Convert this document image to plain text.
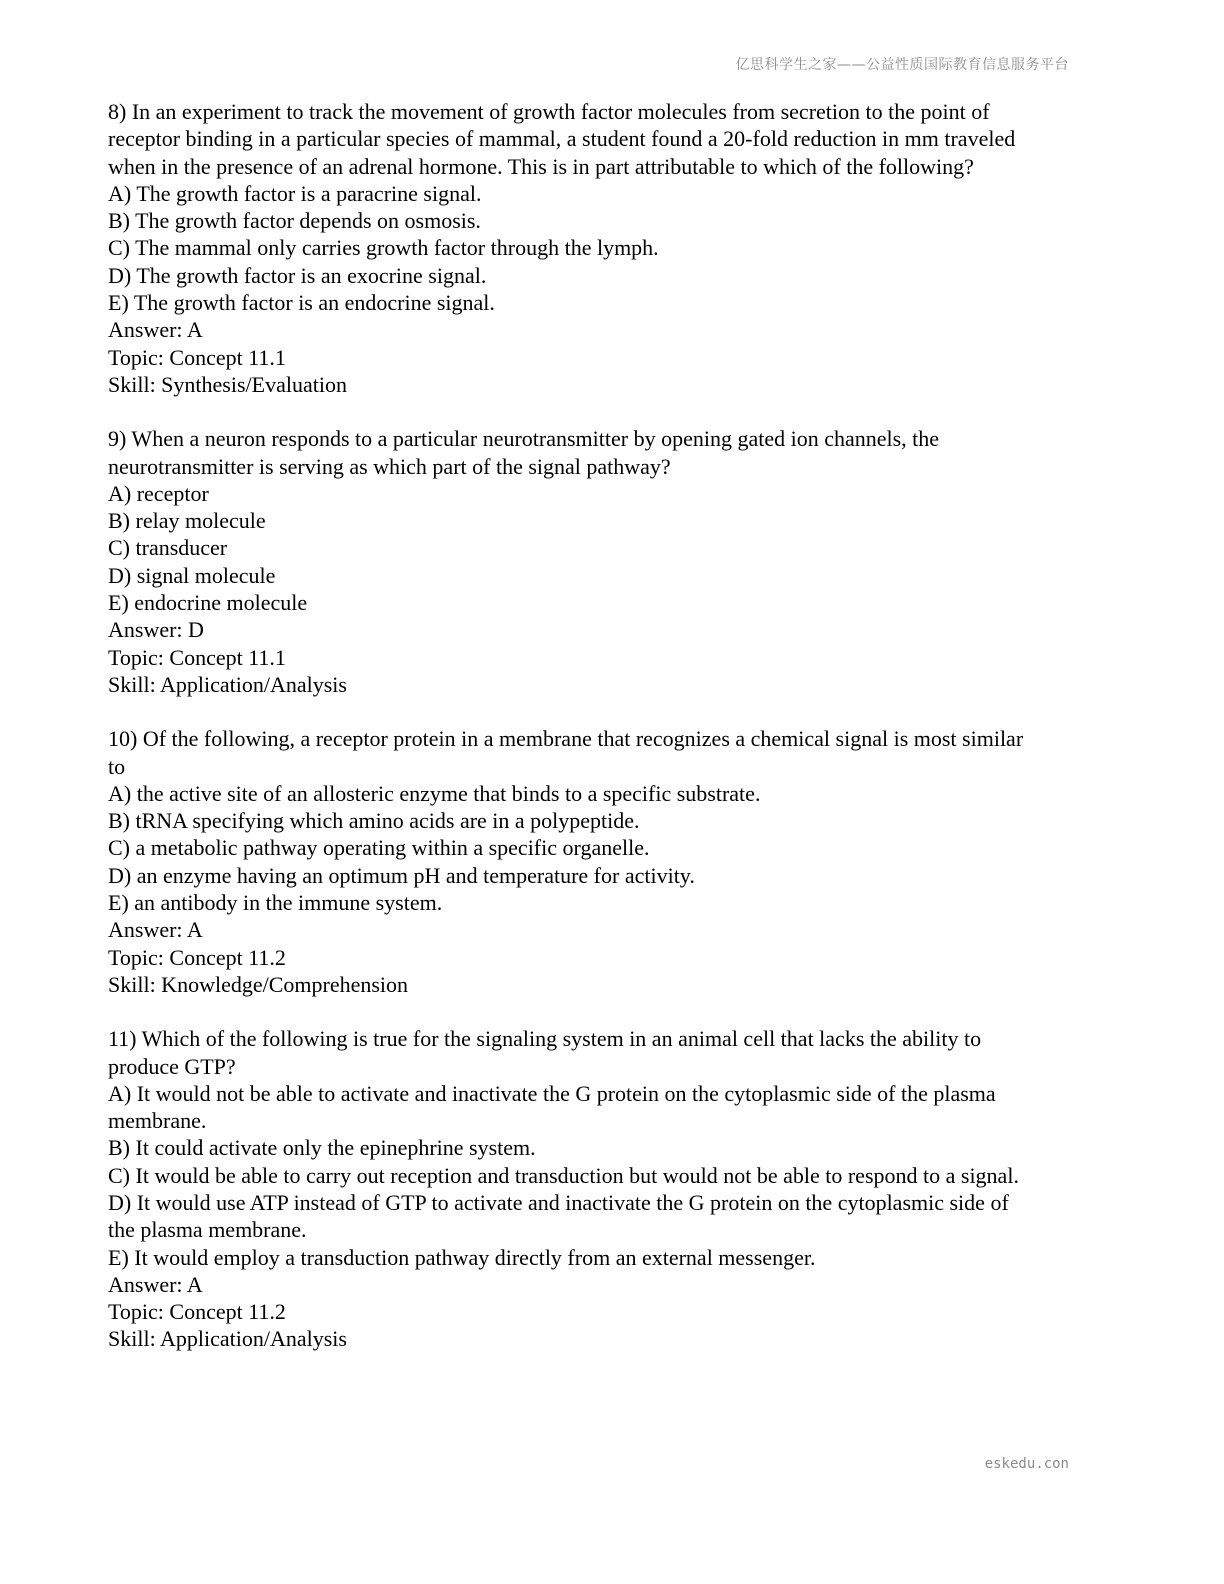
亿思科学生之家——公益性质国际教育信息服务平台
8) In an experiment to track the movement of growth factor molecules from secretion to the point of
receptor binding in a particular species of mammal, a student found a 20-fold reduction in mm traveled
when in the presence of an adrenal hormone. This is in part attributable to which of the following?
A) The growth factor is a paracrine signal.
B) The growth factor depends on osmosis.
C) The mammal only carries growth factor through the lymph.
D) The growth factor is an exocrine signal.
E) The growth factor is an endocrine signal.
Answer: A
Topic: Concept 11.1
Skill: Synthesis/Evaluation
9) When a neuron responds to a particular neurotransmitter by opening gated ion channels, the
neurotransmitter is serving as which part of the signal pathway?
A) receptor
B) relay molecule
C) transducer
D) signal molecule
E) endocrine molecule
Answer: D
Topic: Concept 11.1
Skill: Application/Analysis
10) Of the following, a receptor protein in a membrane that recognizes a chemical signal is most similar
to
A) the active site of an allosteric enzyme that binds to a specific substrate.
B) tRNA specifying which amino acids are in a polypeptide.
C) a metabolic pathway operating within a specific organelle.
D) an enzyme having an optimum pH and temperature for activity.
E) an antibody in the immune system.
Answer: A
Topic: Concept 11.2
Skill: Knowledge/Comprehension
11) Which of the following is true for the signaling system in an animal cell that lacks the ability to
produce GTP?
A) It would not be able to activate and inactivate the G protein on the cytoplasmic side of the plasma
membrane.
B) It could activate only the epinephrine system.
C) It would be able to carry out reception and transduction but would not be able to respond to a signal.
D) It would use ATP instead of GTP to activate and inactivate the G protein on the cytoplasmic side of
the plasma membrane.
E) It would employ a transduction pathway directly from an external messenger.
Answer: A
Topic: Concept 11.2
Skill: Application/Analysis
eskedu.con
